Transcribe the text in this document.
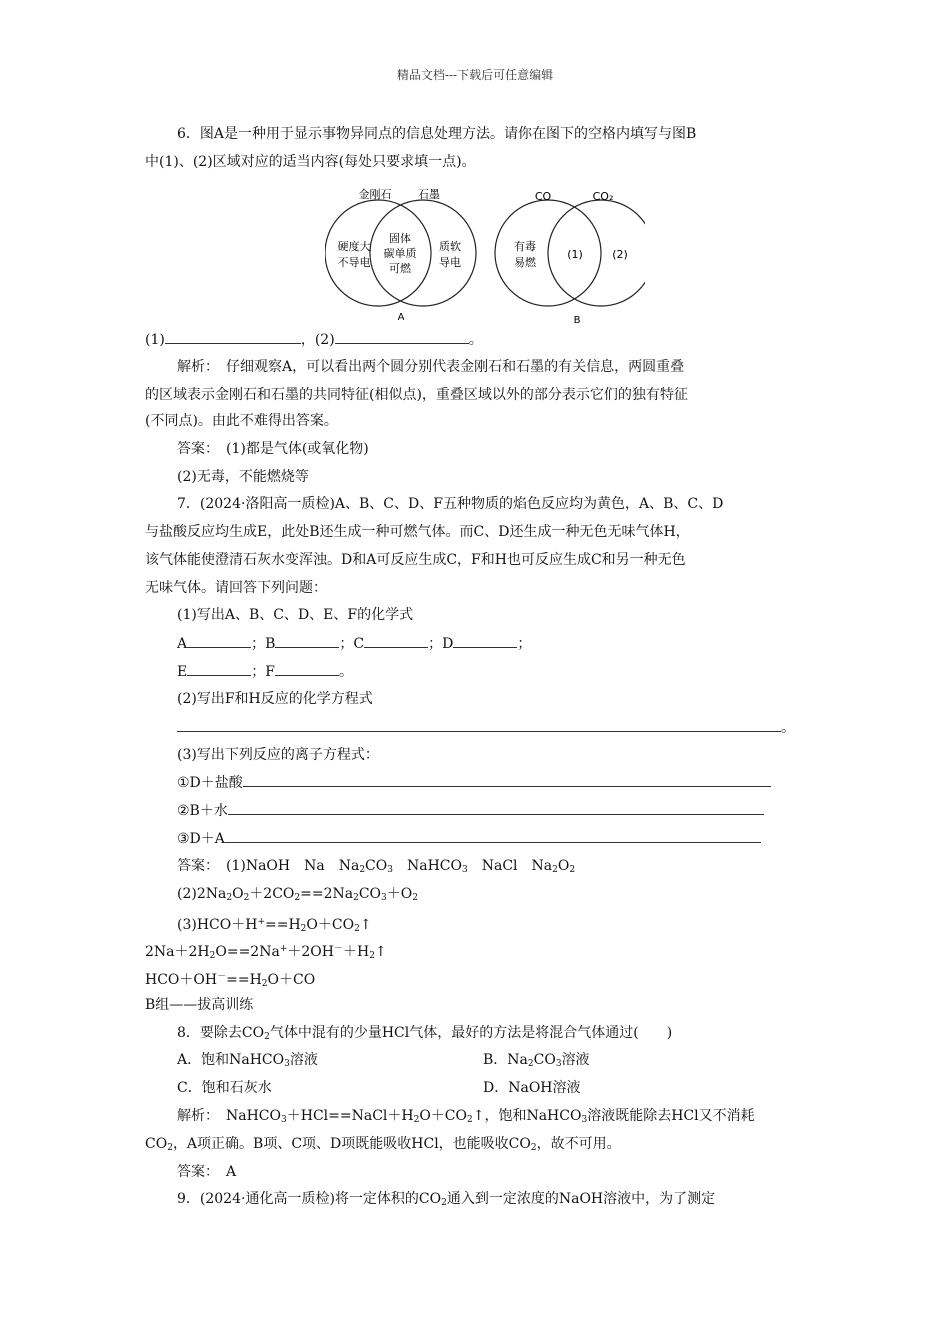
精品文档---下载后可任意编辑
6．图A是一种用于显示事物异同点的信息处理方法。请你在图下的空格内填写与图B
中(1)、(2)区域对应的适当内容(每处只要求填一点)。
金刚石 石墨
硬度大
不导电
固体
碳单质
可燃
质软
导电
A
CO	CO₂
有毒
易燃
(1)	(2)
B
(1)	，(2)	。
解析：　仔细观察A，可以看出两个圆分别代表金刚石和石墨的有关信息，两圆重叠
的区域表示金刚石和石墨的共同特征(相似点)，重叠区域以外的部分表示它们的独有特征
(不同点)。由此不难得出答案。
答案：　(1)都是气体(或氧化物)
(2)无毒，不能燃烧等
7．(2024·洛阳高一质检)A、B、C、D、F五种物质的焰色反应均为黄色，A、B、C、D
与盐酸反应均生成E，此处B还生成一种可燃气体。而C、D还生成一种无色无味气体H，
该气体能使澄清石灰水变浑浊。D和A可反应生成C，F和H也可反应生成C和另一种无色
无味气体。请回答下列问题：
(1)写出A、B、C、D、E、F的化学式
A	；B	；C	；D	；
E	；F	。
(2)写出F和H反应的化学方程式
。
(3)写出下列反应的离子方程式：
①D＋盐酸
②B＋水
③D＋A
答案：　 (1)NaOH　Na　$Na_2CO_3$　NaHCO$_3$　NaCl　$Na_2O_2$
$(2)2Na_2O_2+2CO_2==2Na_2CO_3+O_2$
$(3)HCO+H^+==H_2O+CO_2↑$
$2Na+2H_2O==2Na^++2OH^-+H_2↑$
$HCO+OH^-==H_2O+CO$
B组——拔高训练
8．要除去$CO_2$气体中混有的少量HCl气体，最好的方法是将混合气体通过(　　)
A．饱和NaHCO$_3$溶液	B．$Na_2CO_3$溶液
C．饱和石灰水	D．NaOH溶液
解析：　$NaHCO_3+HCl==NaCl+H_2O+CO_2↑$，饱和NaHCO$_3$溶液既能除去HCl又不消耗
$CO_2$，A项正确。B项、C项、D项既能吸收HCl，也能吸收$CO_2$，故不可用。
答案：　A
9．(2024·通化高一质检)将一定体积的$CO_2$通入到一定浓度的NaOH溶液中，为了测定
